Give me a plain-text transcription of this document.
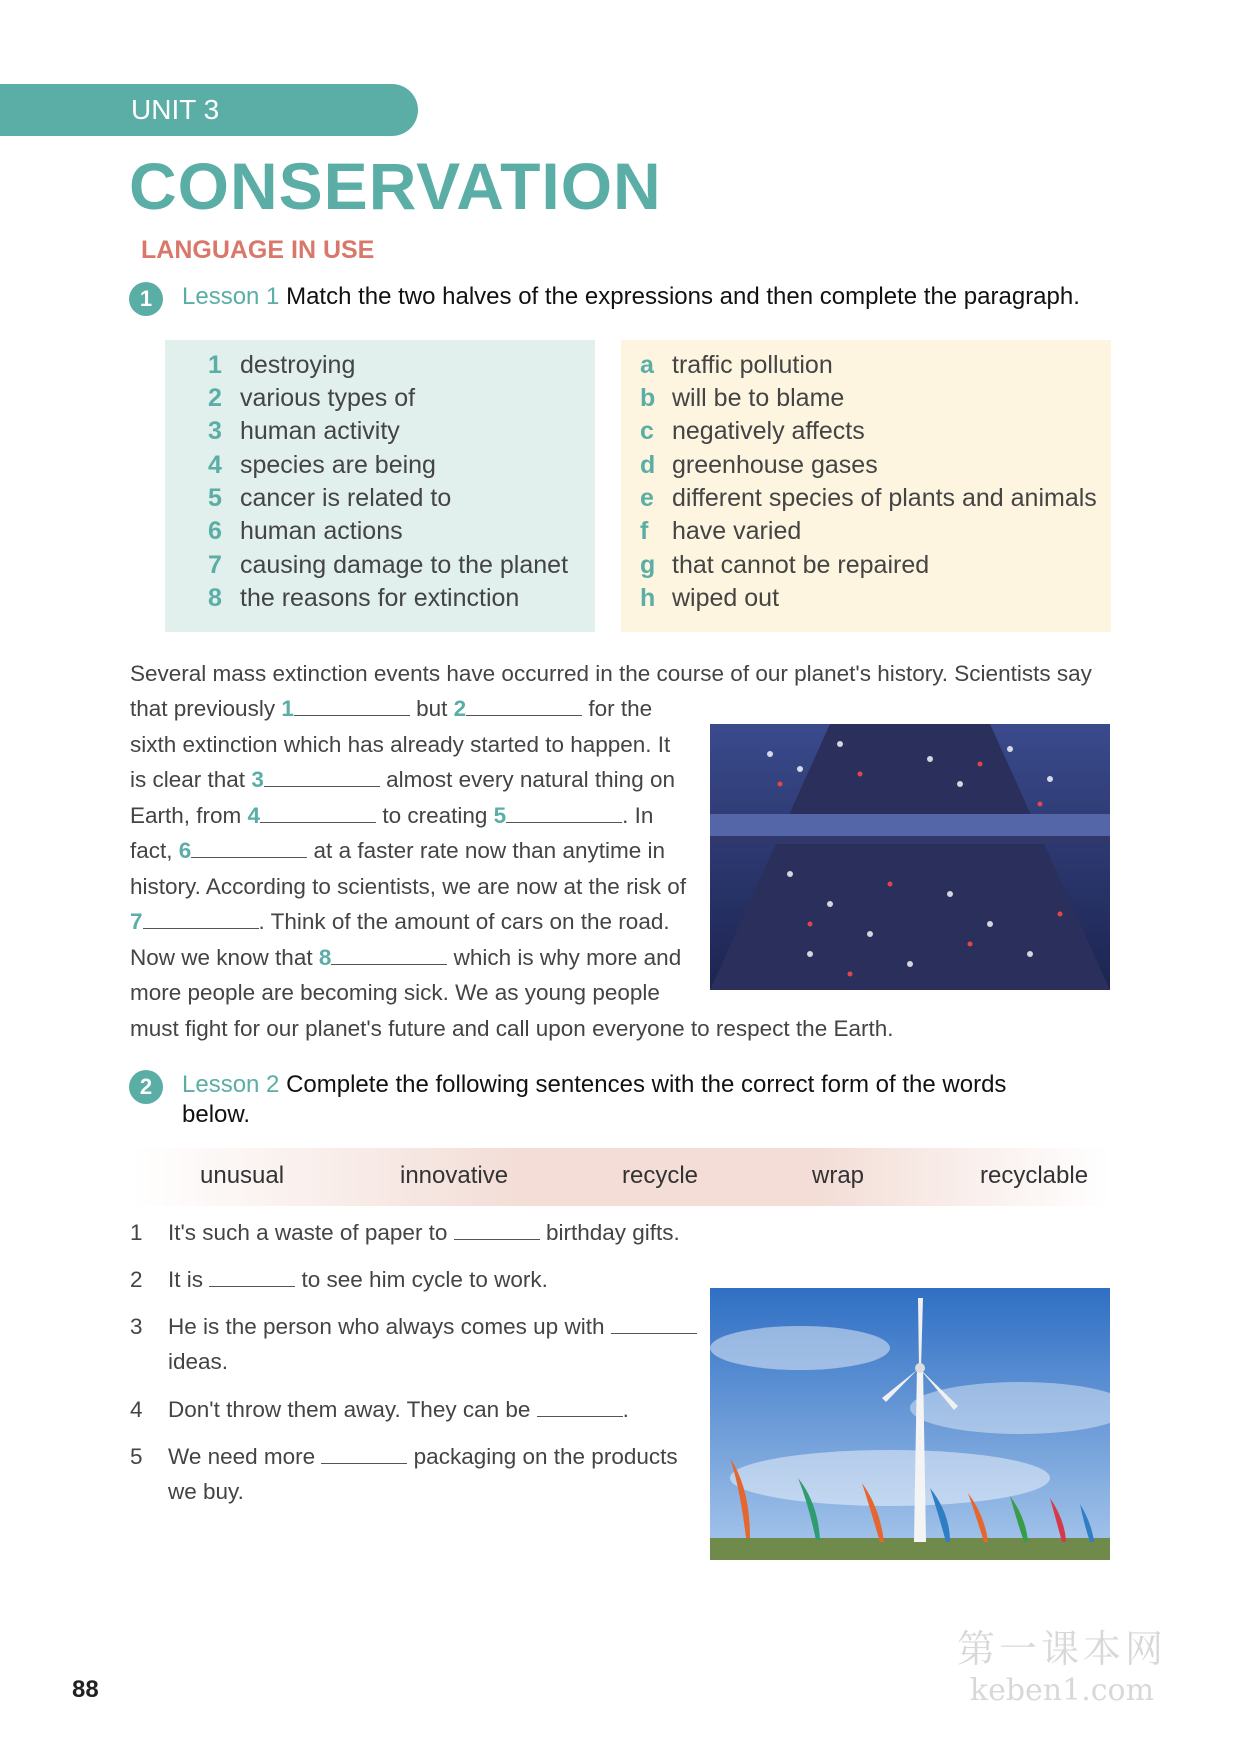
UNIT 3
CONSERVATION
LANGUAGE IN USE
1	Lesson 1 Match the two halves of the expressions and then complete the paragraph.
1 destroying
2 various types of
3 human activity
4 species are being
5 cancer is related to
6 human actions
7 causing damage to the planet
8 the reasons for extinction
a traffic pollution
b will be to blame
c negatively affects
d greenhouse gases
e different species of plants and animals
f have varied
g that cannot be repaired
h wiped out
Several mass extinction events have occurred in the course of our planet's history. Scientists say
that previously 1	but 2	for the
sixth extinction which has already started to happen. It
is clear that 3	almost every natural thing on
Earth, from 4	to creating 5	. In
fact, 6	at a faster rate now than anytime in
history. According to scientists, we are now at the risk of
7	. Think of the amount of cars on the road.
Now we know that 8	which is why more and
more people are becoming sick. We as young people
must fight for our planet's future and call upon everyone to respect the Earth.
2	Lesson 2 Complete the following sentences with the correct form of the words
below.
unusual	innovative	recycle	wrap	recyclable
1 It's such a waste of paper to	birthday gifts.
2 It is	to see him cycle to work.
3 He is the person who always comes up with
ideas.
4 Don't throw them away. They can be	.
5 We need more	packaging on the products
we buy.
88
第一课本网
keben1.com
